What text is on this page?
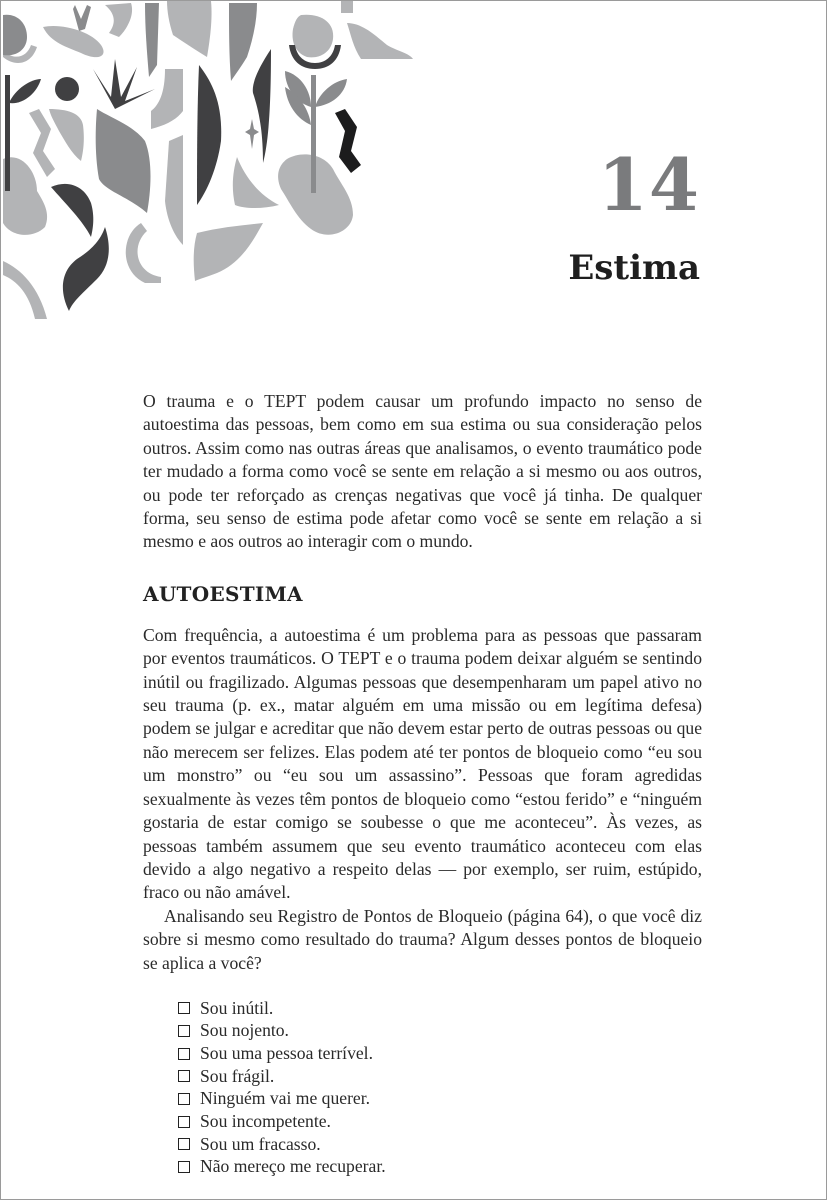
14
Estima

O trauma e o TEPT podem causar um profundo impacto no senso de autoestima das pessoas, bem como em sua estima ou sua consideração pelos outros. Assim como nas outras áreas que analisamos, o evento traumático pode ter mudado a forma como você se sente em relação a si mesmo ou aos outros, ou pode ter reforçado as crenças negativas que você já tinha. De qualquer forma, seu senso de estima pode afetar como você se sente em relação a si mesmo e aos outros ao interagir com o mundo.

AUTOESTIMA

Com frequência, a autoestima é um problema para as pessoas que passaram por eventos traumáticos. O TEPT e o trauma podem deixar alguém se sentindo inútil ou fragilizado. Algumas pessoas que desempenharam um papel ativo no seu trauma (p. ex., matar alguém em uma missão ou em legítima defesa) podem se julgar e acreditar que não devem estar perto de outras pessoas ou que não merecem ser felizes. Elas podem até ter pontos de bloqueio como “eu sou um monstro” ou “eu sou um assassino”. Pessoas que foram agredidas sexualmente às vezes têm pontos de bloqueio como “estou ferido” e “ninguém gostaria de estar comigo se soubesse o que me aconteceu”. Às vezes, as pessoas também assumem que seu evento traumático aconteceu com elas devido a algo negativo a respeito delas — por exemplo, ser ruim, estúpido, fraco ou não amável.

Analisando seu Registro de Pontos de Bloqueio (página 64), o que você diz sobre si mesmo como resultado do trauma? Algum desses pontos de bloqueio se aplica a você?

Sou inútil.
Sou nojento.
Sou uma pessoa terrível.
Sou frágil.
Ninguém vai me querer.
Sou incompetente.
Sou um fracasso.
Não mereço me recuperar.
